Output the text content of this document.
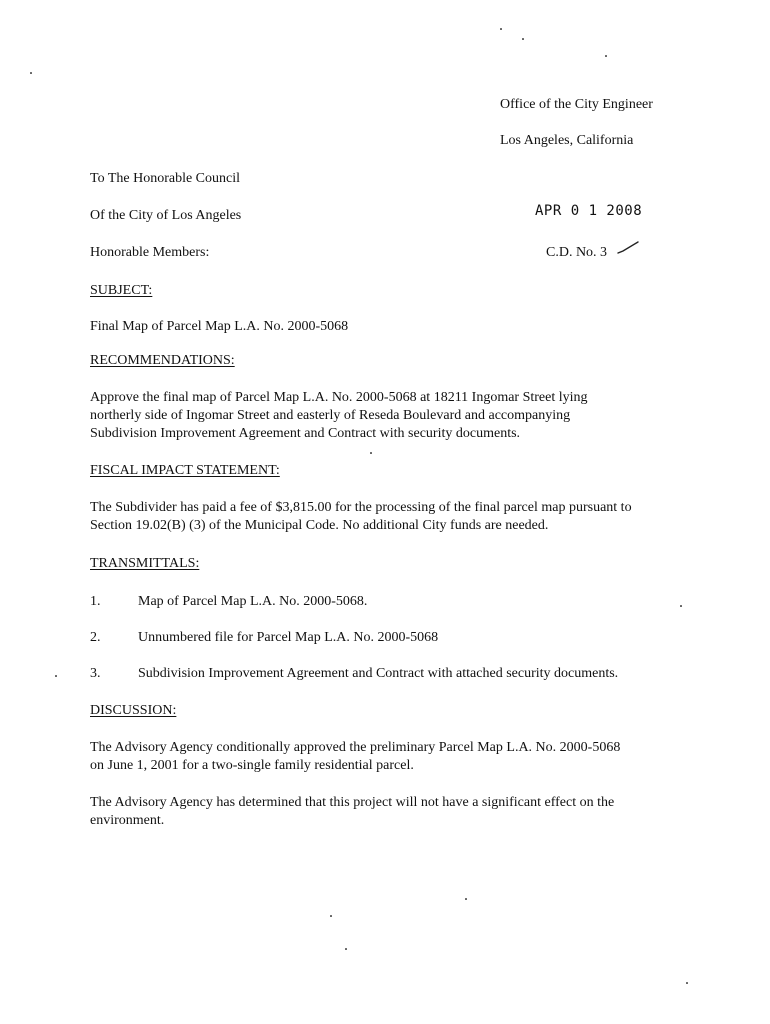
Office of the City Engineer
Los Angeles, California
To The Honorable Council
Of the City of Los Angeles
Honorable Members:
APR 0 1 2008
C.D. No. 3
SUBJECT:
Final Map of Parcel Map L.A. No. 2000-5068
RECOMMENDATIONS:
Approve the final map of Parcel Map L.A. No. 2000-5068 at 18211 Ingomar Street lying
northerly side of Ingomar Street and easterly of Reseda Boulevard and accompanying
Subdivision Improvement Agreement and Contract with security documents.
FISCAL IMPACT STATEMENT:
The Subdivider has paid a fee of $3,815.00 for the processing of the final parcel map pursuant to
Section 19.02(B) (3) of the Municipal Code. No additional City funds are needed.
TRANSMITTALS:
1.	Map of Parcel Map L.A. No. 2000-5068.
2.	Unnumbered file for Parcel Map L.A. No. 2000-5068
3.	Subdivision Improvement Agreement and Contract with attached security documents.
DISCUSSION:
The Advisory Agency conditionally approved the preliminary Parcel Map L.A. No. 2000-5068
on June 1, 2001 for a two-single family residential parcel.
The Advisory Agency has determined that this project will not have a significant effect on the
environment.
